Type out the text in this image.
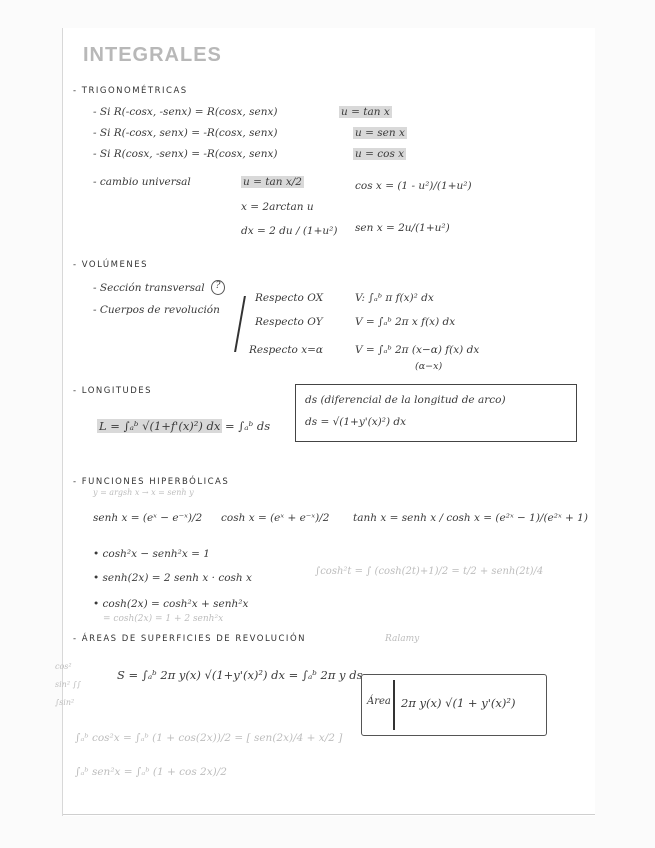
INTEGRALES
- TRIGONOMÉTRICAS
- Si R(-cosx, -senx) = R(cosx, senx)	u = tan x
- Si R(-cosx, senx) = -R(cosx, senx)	u = sen x
- Si R(cosx, -senx) = -R(cosx, senx)	u = cos x
- cambio universal	u = tan x/2
x = 2arctan u
dx = 2 du / (1+u²)
cos x = (1 - u²)/(1+u²)
sen x = 2u/(1+u²)
- VOLÚMENES
- Sección transversal	?
- Cuerpos de revolución
Respecto OX	V: ∫ₐᵇ π f(x)² dx
Respecto OY	V = ∫ₐᵇ 2π x f(x) dx
Respecto x=α	V = ∫ₐᵇ 2π (x−α) f(x) dx
(α−x)
- LONGITUDES
L = ∫ₐᵇ √(1+f'(x)²) dx = ∫ₐᵇ ds
ds (diferencial de la longitud de arco)
ds = √(1+y'(x)²) dx
- FUNCIONES HIPERBÓLICAS
y = argsh x → x = senh y
senh x = (eˣ − e⁻ˣ)/2 cosh x = (eˣ + e⁻ˣ)/2 tanh x = senh x / cosh x = (e²ˣ − 1)/(e²ˣ + 1)
• cosh²x − senh²x = 1
• senh(2x) = 2 senh x · cosh x
∫cosh²t = ∫ (cosh(2t)+1)/2 = t/2 + senh(2t)/4
• cosh(2x) = cosh²x + senh²x
= cosh(2x) = 1 + 2 senh²x
- ÁREAS DE SUPERFICIES DE REVOLUCIÓN	Ralamy
cos² sin² ∫∫ ∫sin²
S = ∫ₐᵇ 2π y(x) √(1+y'(x)²) dx = ∫ₐᵇ 2π y ds
Área 2π y(x) √(1 + y'(x)²)
∫ₐᵇ cos²x = ∫ₐᵇ (1 + cos(2x))/2 = [ sen(2x)/4 + x/2 ]
∫ₐᵇ sen²x = ∫ₐᵇ (1 + cos 2x)/2
